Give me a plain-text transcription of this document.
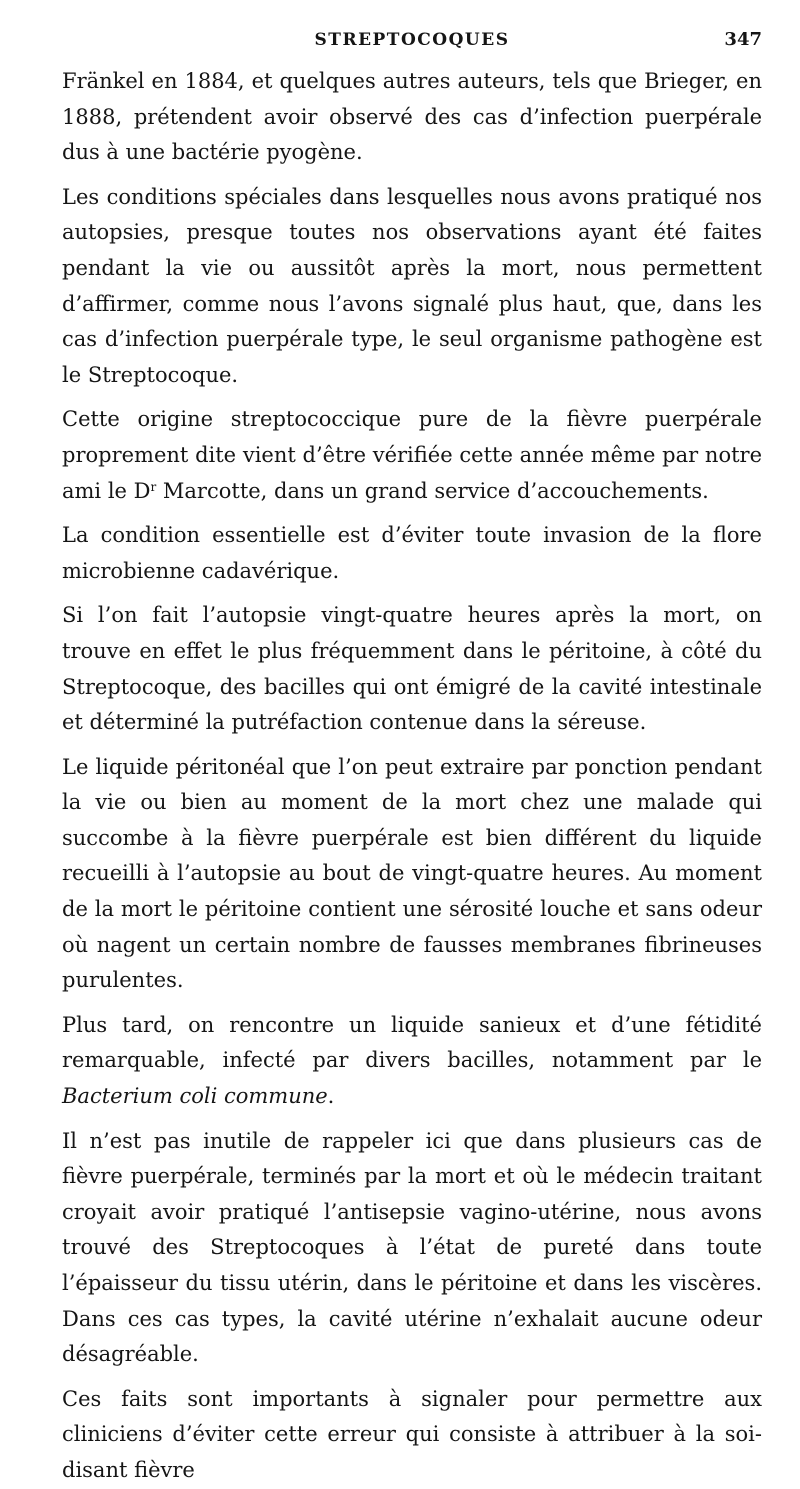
STREPTOCOQUES	347

Fränkel en 1884, et quelques autres auteurs, tels que Brieger, en 1888, prétendent avoir observé des cas d’infection puerpérale dus à une bactérie pyogène.

Les conditions spéciales dans lesquelles nous avons pratiqué nos autopsies, presque toutes nos observations ayant été faites pendant la vie ou aussitôt après la mort, nous permettent d’affirmer, comme nous l’avons signalé plus haut, que, dans les cas d’infection puerpérale type, le seul organisme pathogène est le Streptocoque.

Cette origine streptococcique pure de la fièvre puerpérale proprement dite vient d’être vérifiée cette année même par notre ami le $D^r$ Marcotte, dans un grand service d’accouchements.

La condition essentielle est d’éviter toute invasion de la flore microbienne cadavérique.

Si l’on fait l’autopsie vingt-quatre heures après la mort, on trouve en effet le plus fréquemment dans le péritoine, à côté du Streptocoque, des bacilles qui ont émigré de la cavité intestinale et déterminé la putréfaction contenue dans la séreuse.

Le liquide péritonéal que l’on peut extraire par ponction pendant la vie ou bien au moment de la mort chez une malade qui succombe à la fièvre puerpérale est bien différent du liquide recueilli à l’autopsie au bout de vingt-quatre heures. Au moment de la mort le péritoine contient une sérosité louche et sans odeur où nagent un certain nombre de fausses membranes fibrineuses purulentes.

Plus tard, on rencontre un liquide sanieux et d’une fétidité remarquable, infecté par divers bacilles, notamment par le Bacterium coli commune.

Il n’est pas inutile de rappeler ici que dans plusieurs cas de fièvre puerpérale, terminés par la mort et où le médecin traitant croyait avoir pratiqué l’antisepsie vagino-utérine, nous avons trouvé des Streptocoques à l’état de pureté dans toute l’épaisseur du tissu utérin, dans le péritoine et dans les viscères. Dans ces cas types, la cavité utérine n’exhalait aucune odeur désagréable.

Ces faits sont importants à signaler pour permettre aux cliniciens d’éviter cette erreur qui consiste à attribuer à la soi-disant fièvre
